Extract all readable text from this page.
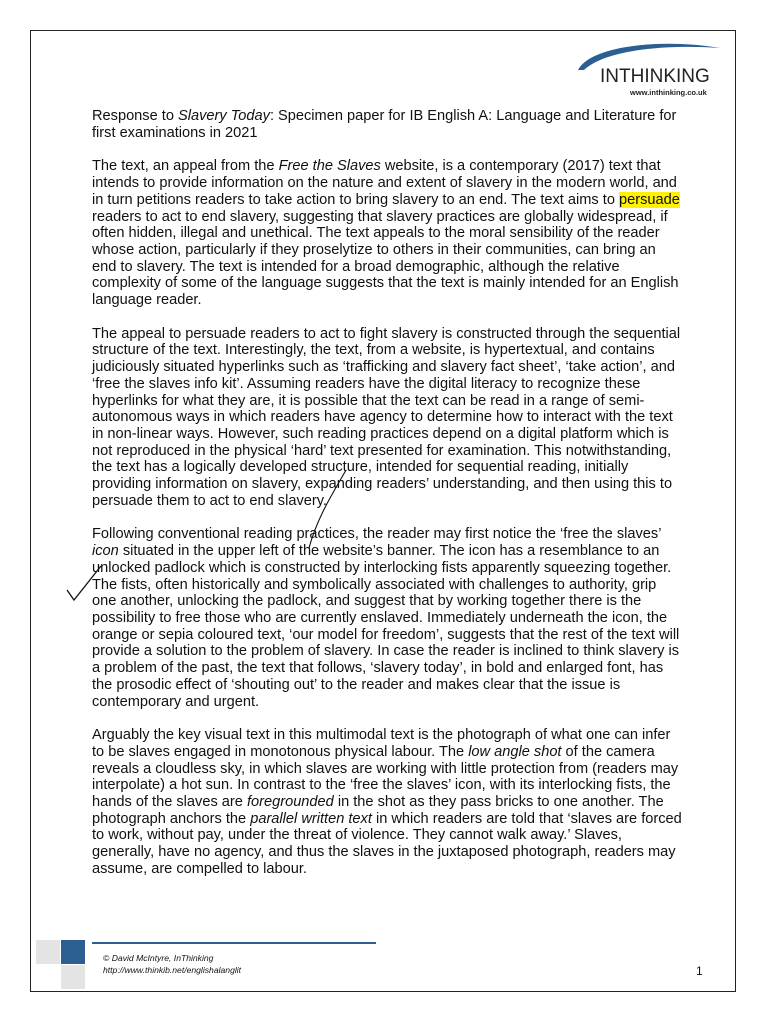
INTHINKING
www.inthinking.co.uk

Response to Slavery Today: Specimen paper for IB English A: Language and Literature for first examinations in 2021

The text, an appeal from the Free the Slaves website, is a contemporary (2017) text that intends to provide information on the nature and extent of slavery in the modern world, and in turn petitions readers to take action to bring slavery to an end. The text aims to persuade readers to act to end slavery, suggesting that slavery practices are globally widespread, if often hidden, illegal and unethical. The text appeals to the moral sensibility of the reader whose action, particularly if they proselytize to others in their communities, can bring an end to slavery. The text is intended for a broad demographic, although the relative complexity of some of the language suggests that the text is mainly intended for an English language reader.

The appeal to persuade readers to act to fight slavery is constructed through the sequential structure of the text. Interestingly, the text, from a website, is hypertextual, and contains judiciously situated hyperlinks such as ‘trafficking and slavery fact sheet’, ‘take action’, and ‘free the slaves info kit’. Assuming readers have the digital literacy to recognize these hyperlinks for what they are, it is possible that the text can be read in a range of semi-autonomous ways in which readers have agency to determine how to interact with the text in non-linear ways. However, such reading practices depend on a digital platform which is not reproduced in the physical ‘hard’ text presented for examination. This notwithstanding, the text has a logically developed structure, intended for sequential reading, initially providing information on slavery, expanding readers’ understanding, and then using this to persuade them to act to end slavery.

Following conventional reading practices, the reader may first notice the ‘free the slaves’ icon situated in the upper left of the website’s banner. The icon has a resemblance to an unlocked padlock which is constructed by interlocking fists apparently squeezing together. The fists, often historically and symbolically associated with challenges to authority, grip one another, unlocking the padlock, and suggest that by working together there is the possibility to free those who are currently enslaved. Immediately underneath the icon, the orange or sepia coloured text, ‘our model for freedom’, suggests that the rest of the text will provide a solution to the problem of slavery. In case the reader is inclined to think slavery is a problem of the past, the text that follows, ‘slavery today’, in bold and enlarged font, has the prosodic effect of ‘shouting out’ to the reader and makes clear that the issue is contemporary and urgent.

Arguably the key visual text in this multimodal text is the photograph of what one can infer to be slaves engaged in monotonous physical labour. The low angle shot of the camera reveals a cloudless sky, in which slaves are working with little protection from (readers may interpolate) a hot sun. In contrast to the ‘free the slaves’ icon, with its interlocking fists, the hands of the slaves are foregrounded in the shot as they pass bricks to one another. The photograph anchors the parallel written text in which readers are told that ‘slaves are forced to work, without pay, under the threat of violence. They cannot walk away.’ Slaves, generally, have no agency, and thus the slaves in the juxtaposed photograph, readers may assume, are compelled to labour.

© David McIntyre, InThinking
http://www.thinkib.net/englishalanglit	1
